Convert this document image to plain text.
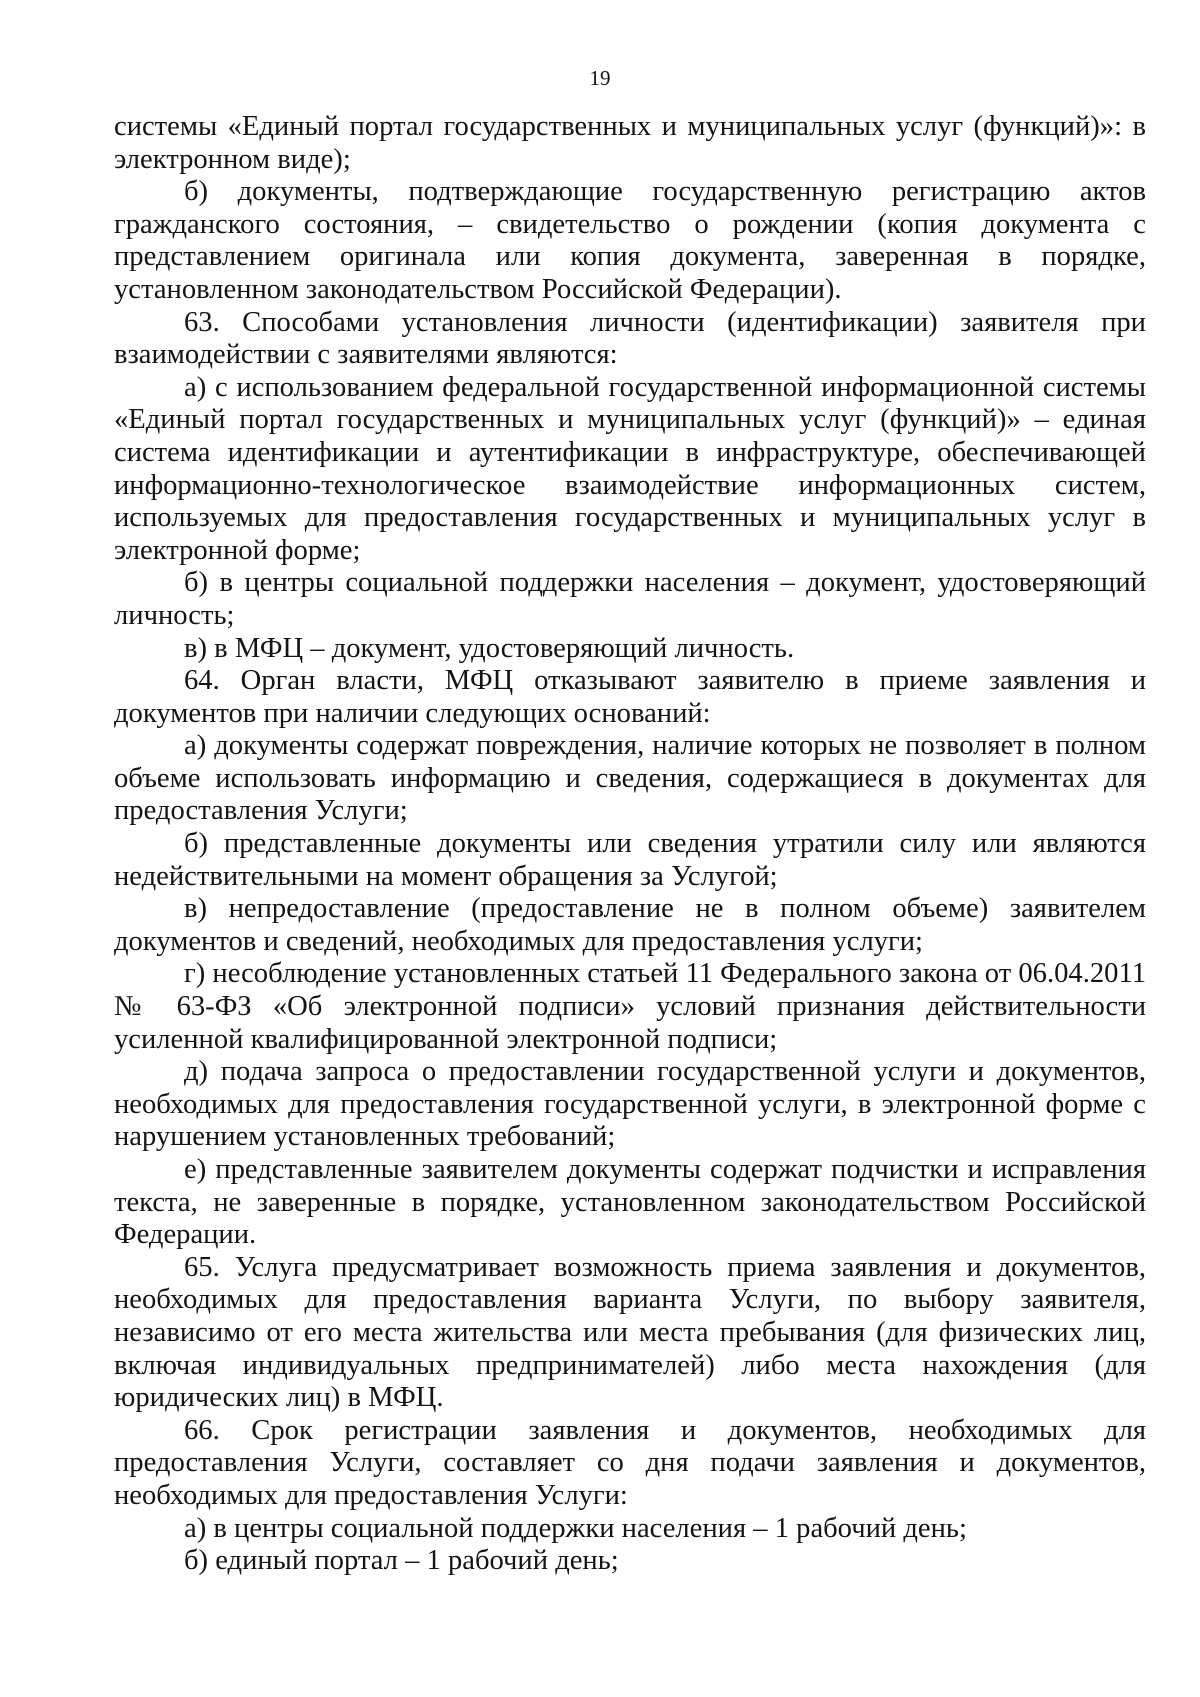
19

системы «Единый портал государственных и муниципальных услуг (функций)»: в электронном виде);

б) документы, подтверждающие государственную регистрацию актов гражданского состояния, – свидетельство о рождении (копия документа с представлением оригинала или копия документа, заверенная в порядке, установленном законодательством Российской Федерации).

63. Способами установления личности (идентификации) заявителя при взаимодействии с заявителями являются:

а) с использованием федеральной государственной информационной системы «Единый портал государственных и муниципальных услуг (функций)» – единая система идентификации и аутентификации в инфраструктуре, обеспечивающей информационно-технологическое взаимодействие информационных систем, используемых для предоставления государственных и муниципальных услуг в электронной форме;

б) в центры социальной поддержки населения – документ, удостоверяющий личность;

в) в МФЦ – документ, удостоверяющий личность.

64. Орган власти, МФЦ отказывают заявителю в приеме заявления и документов при наличии следующих оснований:

а) документы содержат повреждения, наличие которых не позволяет в полном объеме использовать информацию и сведения, содержащиеся в документах для предоставления Услуги;

б) представленные документы или сведения утратили силу или являются недействительными на момент обращения за Услугой;

в) непредоставление (предоставление не в полном объеме) заявителем документов и сведений, необходимых для предоставления услуги;

г) несоблюдение установленных статьей 11 Федерального закона от 06.04.2011 № 63-ФЗ «Об электронной подписи» условий признания действительности усиленной квалифицированной электронной подписи;

д) подача запроса о предоставлении государственной услуги и документов, необходимых для предоставления государственной услуги, в электронной форме с нарушением установленных требований;

е) представленные заявителем документы содержат подчистки и исправления текста, не заверенные в порядке, установленном законодательством Российской Федерации.

65. Услуга предусматривает возможность приема заявления и документов, необходимых для предоставления варианта Услуги, по выбору заявителя, независимо от его места жительства или места пребывания (для физических лиц, включая индивидуальных предпринимателей) либо места нахождения (для юридических лиц) в МФЦ.

66. Срок регистрации заявления и документов, необходимых для предоставления Услуги, составляет со дня подачи заявления и документов, необходимых для предоставления Услуги:

а) в центры социальной поддержки населения – 1 рабочий день;

б) единый портал – 1 рабочий день;
